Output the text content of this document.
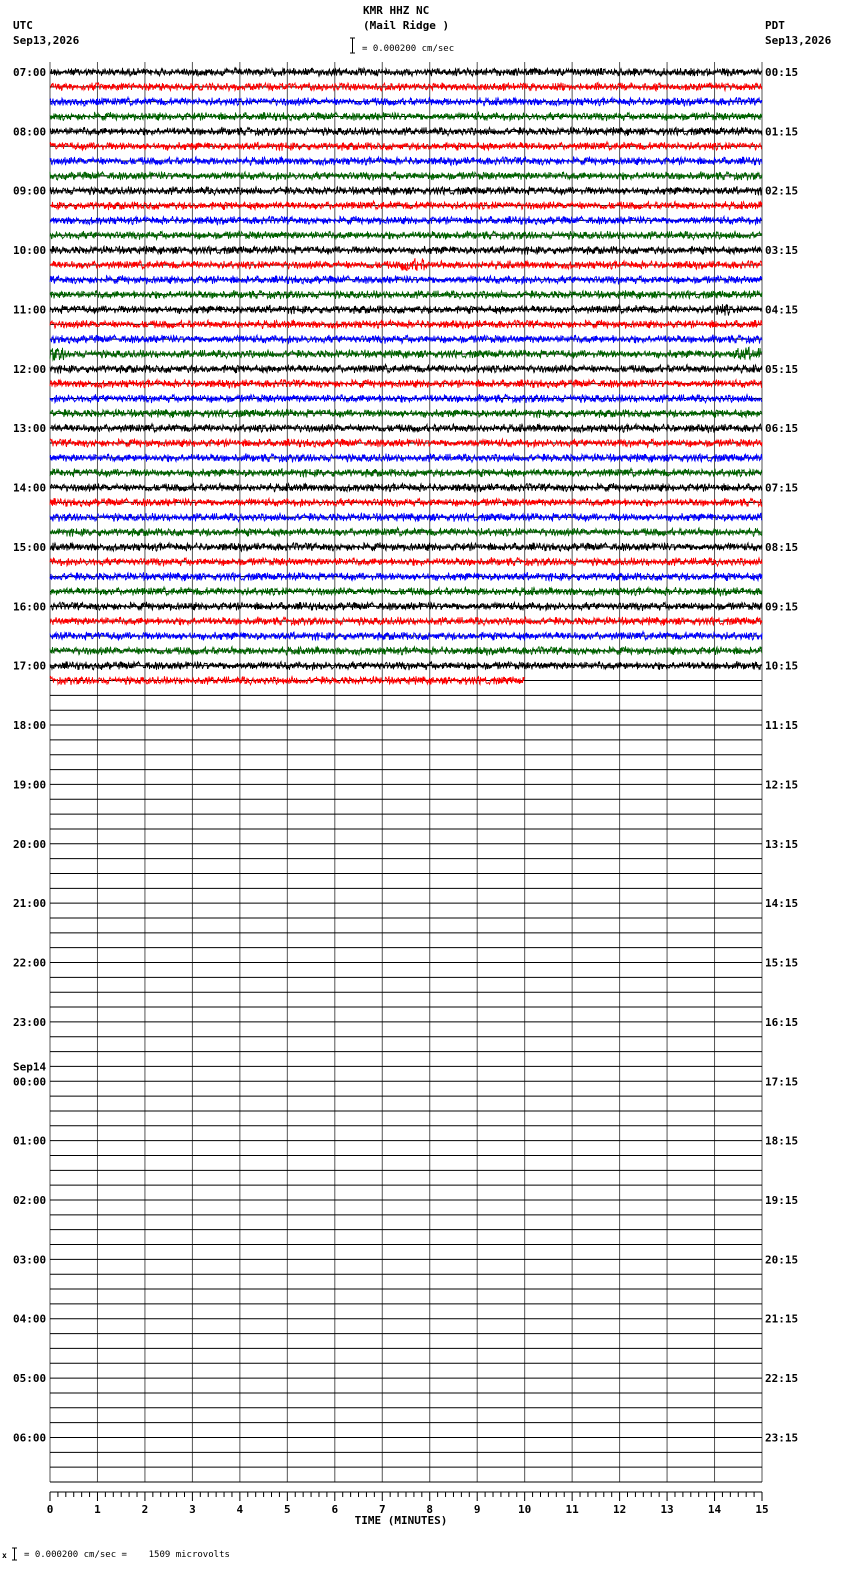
KMR HHZ NC
(Mail Ridge )
UTC
Sep13,2026
PDT
Sep13,2026
= 0.000200 cm/sec
x = 0.000200 cm/sec =    1509 microvolts
07:00	00:15
08:00	01:15
09:00	02:15
10:00	03:15
11:00	04:15
12:00	05:15
13:00	06:15
14:00	07:15
15:00	08:15
16:00	09:15
17:00	10:15
18:00	11:15
19:00	12:15
20:00	13:15
21:00	14:15
22:00	15:15
23:00	16:15
00:00	17:15
01:00	18:15
02:00	19:15
03:00	20:15
04:00	21:15
05:00	22:15
06:00	23:15
Sep14
0	1	2	3	4	5	6	7	8	9	10	11	12	13	14	15
TIME (MINUTES)
